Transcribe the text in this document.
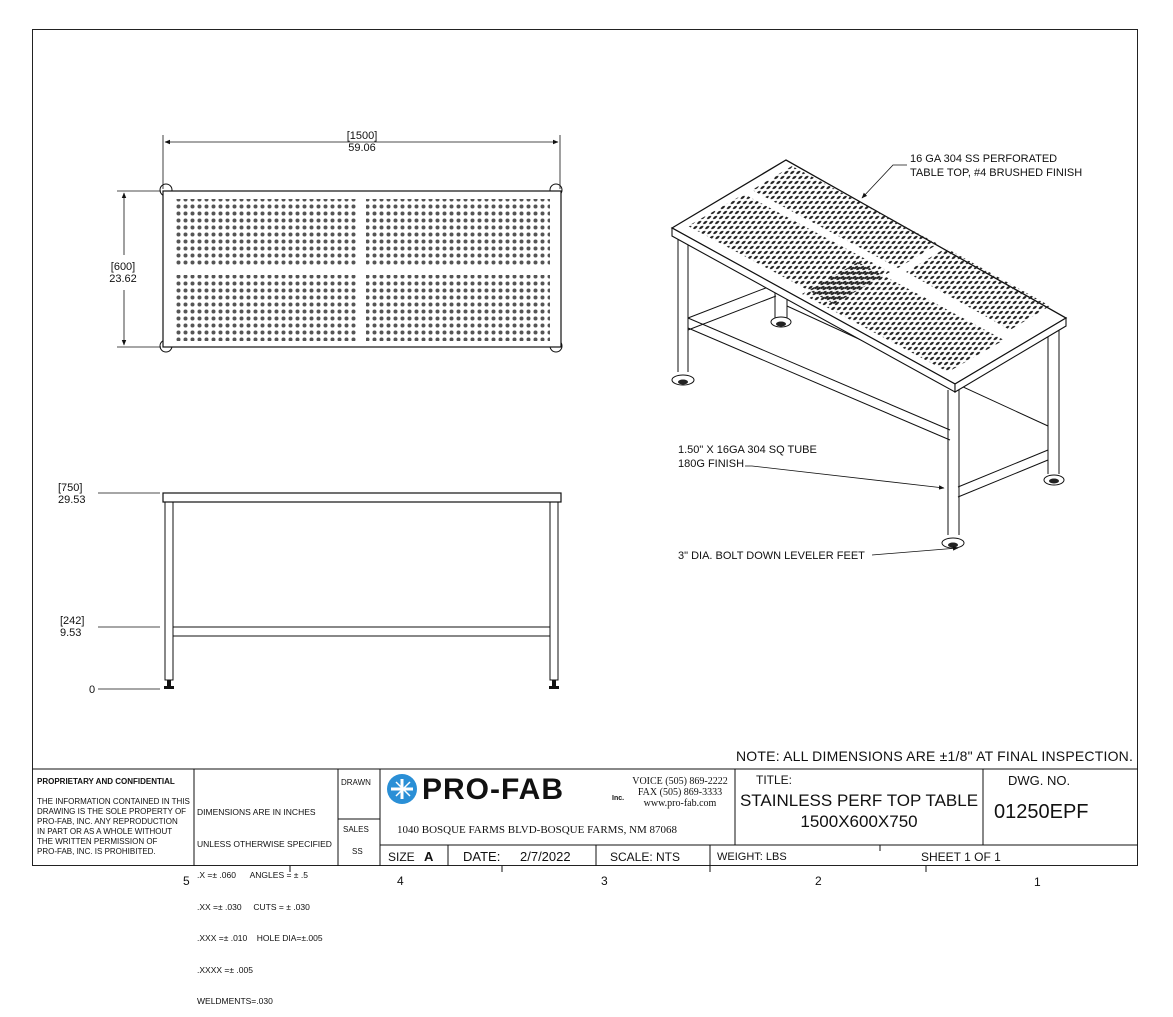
[1500]
59.06
[600]
23.62
[750]
29.53
[242]
9.53
0
16 GA 304 SS PERFORATED
TABLE TOP, #4 BRUSHED FINISH
1.50" X 16GA 304 SQ TUBE
180G FINISH
3" DIA. BOLT DOWN LEVELER FEET
NOTE: ALL DIMENSIONS ARE ±1/8" AT FINAL INSPECTION.
PROPRIETARY AND CONFIDENTIAL
THE INFORMATION CONTAINED IN THIS
DRAWING IS THE SOLE PROPERTY OF
PRO-FAB, INC. ANY REPRODUCTION
IN PART OR AS A WHOLE WITHOUT
THE WRITTEN PERMISSION OF
PRO-FAB, INC. IS PROHIBITED.

DIMENSIONS ARE IN INCHES

UNLESS OTHERWISE SPECIFIED

.X =± .060      ANGLES = ± .5

.XX =± .030     CUTS = ± .030

.XXX =± .010    HOLE DIA=±.005

.XXXX =± .005

WELDMENTS=.030

DRAWN
SALES
SS
PRO-FAB	Inc.
VOICE (505) 869-2222
FAX (505) 869-3333
www.pro-fab.com
1040 BOSQUE FARMS BLVD-BOSQUE FARMS, NM 87068
TITLE:
STAINLESS PERF TOP TABLE
1500X600X750
DWG. NO.
01250EPF
SIZE A DATE: 2/7/2022	SCALE: NTS	WEIGHT: LBS	SHEET 1 OF 1
5	4	3	2	1
